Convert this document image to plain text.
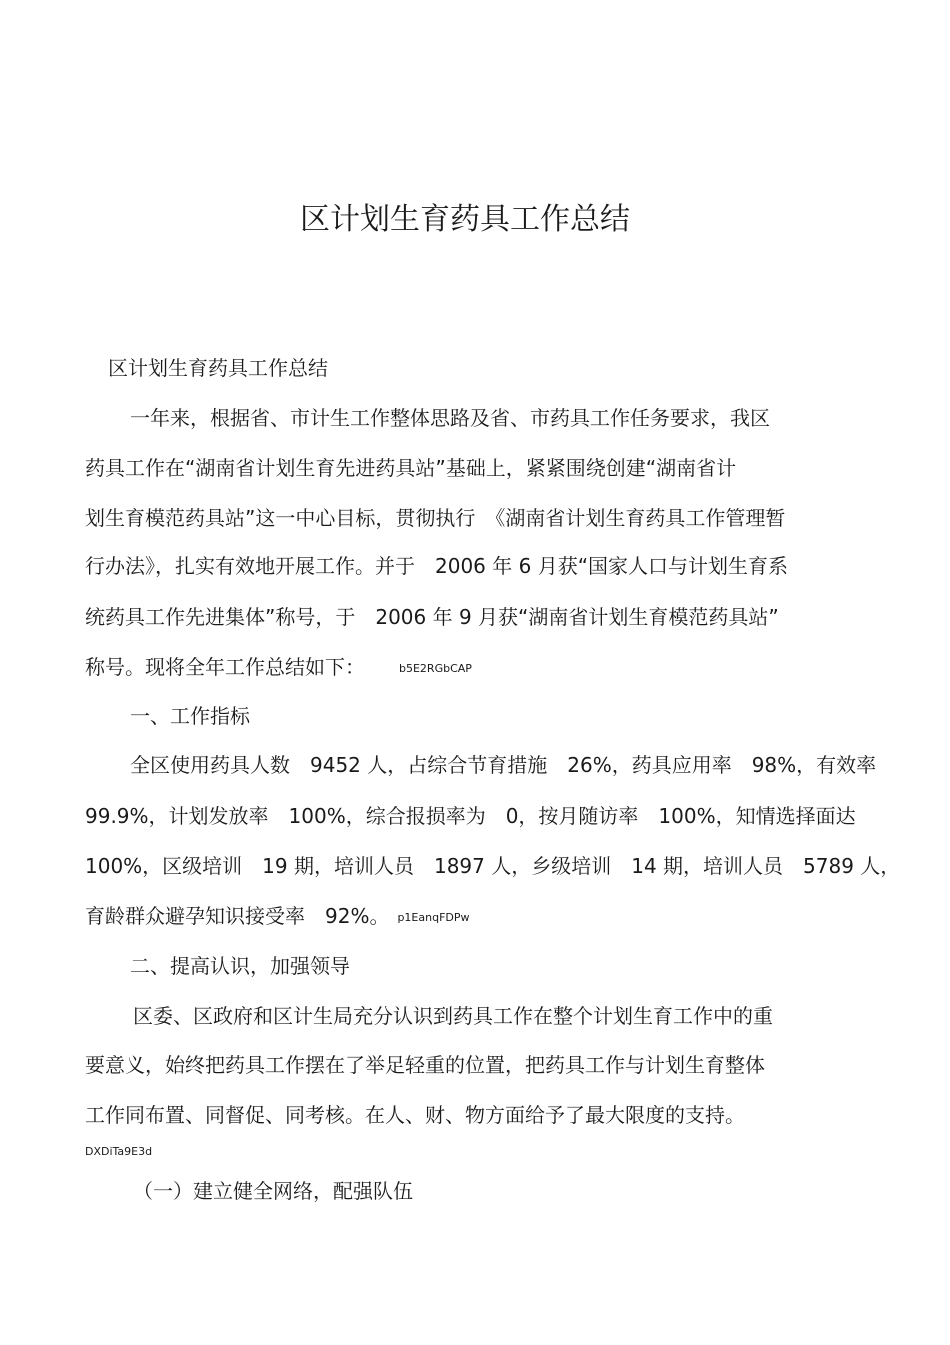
区计划生育药具工作总结
区计划生育药具工作总结
一年来，根据省、市计生工作整体思路及省、市药具工作任务要求，我区
药具工作在“湖南省计划生育先进药具站”基础上，紧紧围绕创建“湖南省计
划生育模范药具站”这一中心目标，贯彻执行　《湖南省计划生育药具工作管理暂
行办法》，扎实有效地开展工作。并于　2006 年 6 月获“国家人口与计划生育系
统药具工作先进集体”称号，于　2006 年 9 月获“湖南省计划生育模范药具站”
称号。现将全年工作总结如下：	b5E2RGbCAP
一、工作指标
全区使用药具人数　9452 人，占综合节育措施　26%，药具应用率　98%，有效率
99.9%，计划发放率　100%，综合报损率为　0，按月随访率　100%，知情选择面达
100%，区级培训　19 期，培训人员　1897 人，乡级培训　14 期，培训人员　5789 人，
育龄群众避孕知识接受率　92%。 p1EanqFDPw
二、提高认识，加强领导
区委、区政府和区计生局充分认识到药具工作在整个计划生育工作中的重
要意义，始终把药具工作摆在了举足轻重的位置，把药具工作与计划生育整体
工作同布置、同督促、同考核。在人、财、物方面给予了最大限度的支持。
DXDiTa9E3d
（一）建立健全网络，配强队伍
